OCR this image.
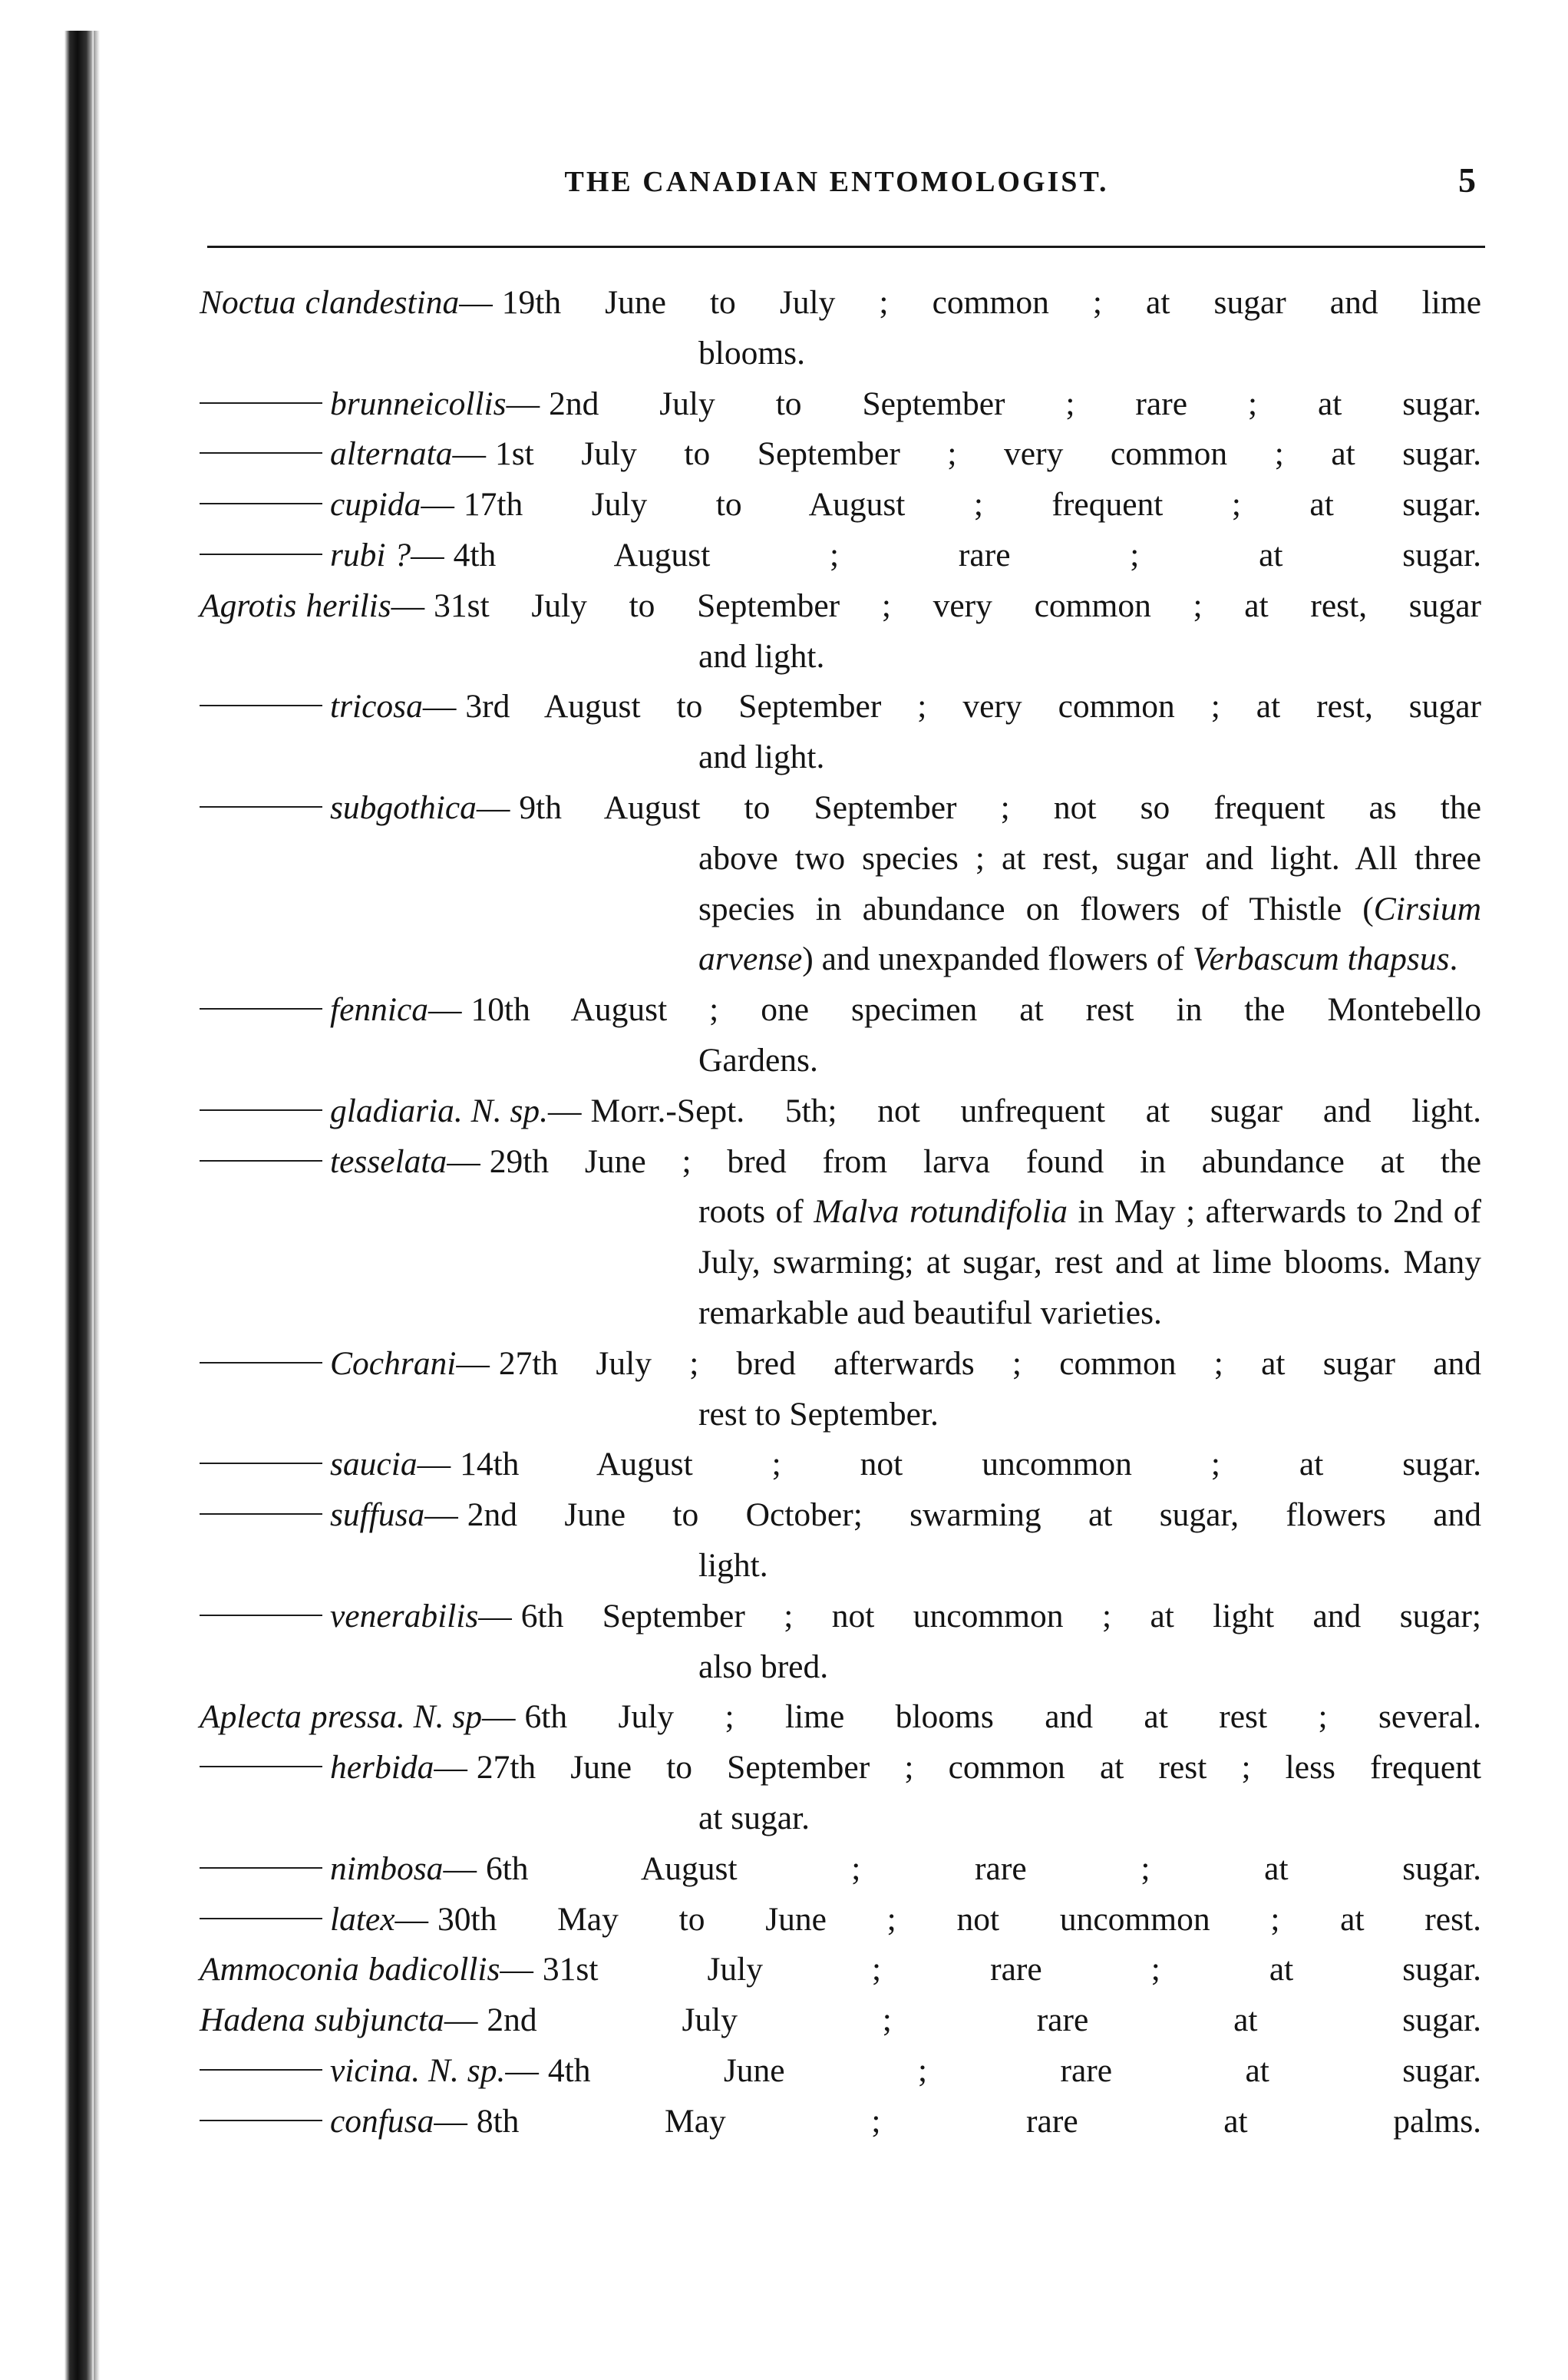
THE CANADIAN ENTOMOLOGIST.	5
Noctua clandestina— 19th June to July ; common ; at sugar and lime
blooms.
brunneicollis— 2nd July to September ; rare ; at sugar.
alternata— 1st July to September ; very common ; at sugar.
cupida— 17th July to August ; frequent ; at sugar.
rubi ?— 4th August ; rare ; at sugar.
Agrotis herilis— 31st July to September ; very common ; at rest, sugar
and light.
tricosa— 3rd August to September ; very common ; at rest, sugar
and light.
subgothica— 9th August to September ; not so frequent as the
above two species ; at rest, sugar and light. All three species in abundance on flowers of Thistle (Cirsium arvense) and unexpanded flowers of Verbascum thapsus.
fennica— 10th August ; one specimen at rest in the Montebello
Gardens.
gladiaria. N. sp.— Morr.-Sept. 5th; not unfrequent at sugar and light.
tesselata— 29th June ; bred from larva found in abundance at the
roots of Malva rotundifolia in May ; afterwards to 2nd of July, swarming; at sugar, rest and at lime blooms. Many remarkable aud beautiful varieties.
Cochrani— 27th July ; bred afterwards ; common ; at sugar and
rest to September.
saucia— 14th August ; not uncommon ; at sugar.
suffusa— 2nd June to October; swarming at sugar, flowers and
light.
venerabilis— 6th September ; not uncommon ; at light and sugar;
also bred.
Aplecta pressa. N. sp— 6th July ; lime blooms and at rest ; several.
herbida— 27th June to September ; common at rest ; less frequent
at sugar.
nimbosa— 6th August ; rare ; at sugar.
latex— 30th May to June ; not uncommon ; at rest.
Ammoconia badicollis— 31st July ; rare ; at sugar.
Hadena subjuncta— 2nd July ; rare at sugar.
vicina. N. sp.— 4th June ; rare at sugar.
confusa— 8th May ; rare at palms.
